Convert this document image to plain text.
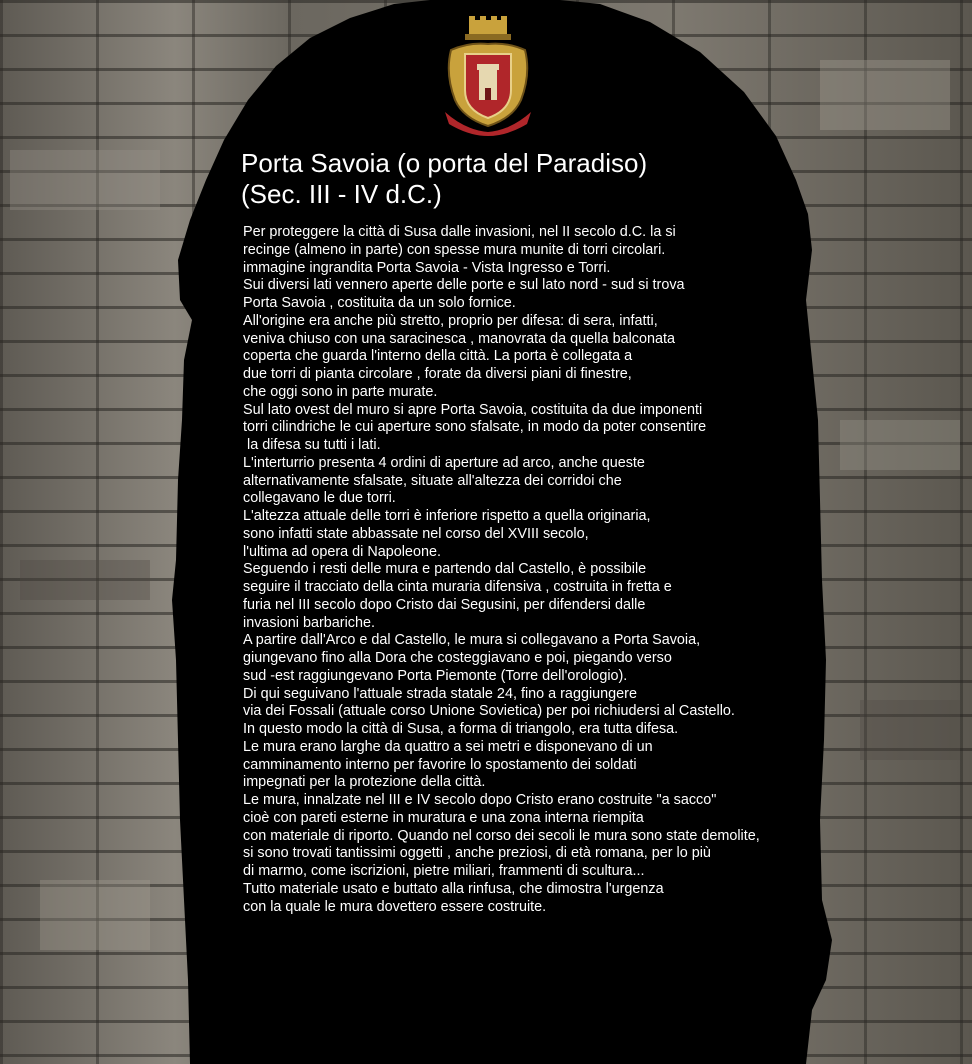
Porta Savoia (o porta del Paradiso)
(Sec. III - IV d.C.)
Per proteggere la città di Susa dalle invasioni, nel II secolo d.C. la si
recinge (almeno in parte) con spesse mura munite di torri circolari.
immagine ingrandita Porta Savoia - Vista Ingresso e Torri.
Sui diversi lati vennero aperte delle porte e sul lato nord - sud si trova
Porta Savoia , costituita da un solo fornice.
All'origine era anche più stretto, proprio per difesa: di sera, infatti,
veniva chiuso con una saracinesca , manovrata da quella balconata
coperta che guarda l'interno della città. La porta è collegata a
due torri di pianta circolare , forate da diversi piani di finestre,
che oggi sono in parte murate.
Sul lato ovest del muro si apre Porta Savoia, costituita da due imponenti
torri cilindriche le cui aperture sono sfalsate, in modo da poter consentire
la difesa su tutti i lati.
L'interturrio presenta 4 ordini di aperture ad arco, anche queste
alternativamente sfalsate, situate all'altezza dei corridoi che
collegavano le due torri.
L'altezza attuale delle torri è inferiore rispetto a quella originaria,
sono infatti state abbassate nel corso del XVIII secolo,
l'ultima ad opera di Napoleone.
Seguendo i resti delle mura e partendo dal Castello, è possibile
seguire il tracciato della cinta muraria difensiva , costruita in fretta e
furia nel III secolo dopo Cristo dai Segusini, per difendersi dalle
invasioni barbariche.
A partire dall'Arco e dal Castello, le mura si collegavano a Porta Savoia,
giungevano fino alla Dora che costeggiavano e poi, piegando verso
sud -est raggiungevano Porta Piemonte (Torre dell'orologio).
Di qui seguivano l'attuale strada statale 24, fino a raggiungere
via dei Fossali (attuale corso Unione Sovietica) per poi richiudersi al Castello.
In questo modo la città di Susa, a forma di triangolo, era tutta difesa.
Le mura erano larghe da quattro a sei metri e disponevano di un
camminamento interno per favorire lo spostamento dei soldati
impegnati per la protezione della città.
Le mura, innalzate nel III e IV secolo dopo Cristo erano costruite "a sacco"
cioè con pareti esterne in muratura e una zona interna riempita
con materiale di riporto. Quando nel corso dei secoli le mura sono state demolite,
si sono trovati tantissimi oggetti , anche preziosi, di età romana, per lo più
di marmo, come iscrizioni, pietre miliari, frammenti di scultura...
Tutto materiale usato e buttato alla rinfusa, che dimostra l'urgenza
con la quale le mura dovettero essere costruite.
